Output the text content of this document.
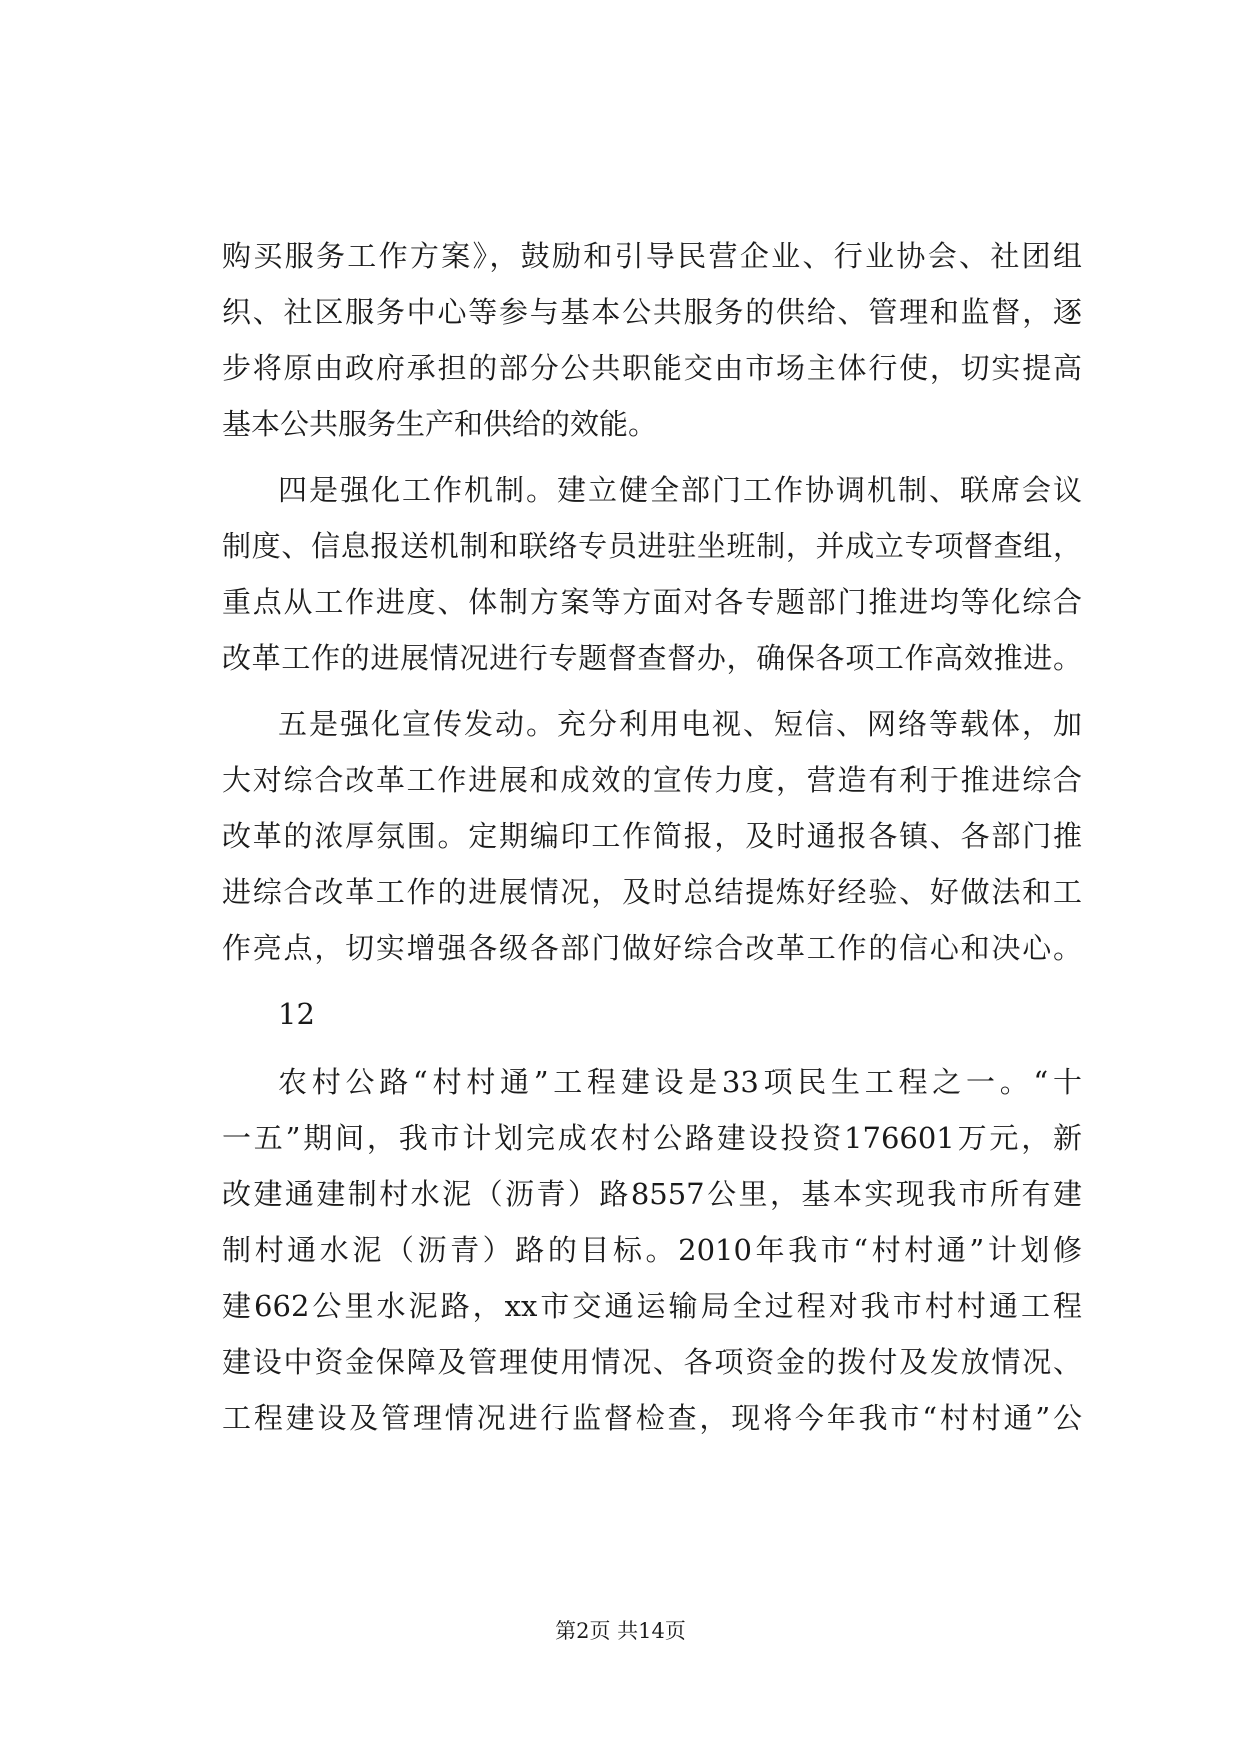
购买服务工作方案》，鼓励和引导民营企业、行业协会、社团组
织、社区服务中心等参与基本公共服务的供给、管理和监督，逐
步将原由政府承担的部分公共职能交由市场主体行使，切实提高
基本公共服务生产和供给的效能。
四是强化工作机制。建立健全部门工作协调机制、联席会议
制度、信息报送机制和联络专员进驻坐班制，并成立专项督查组，
重点从工作进度、体制方案等方面对各专题部门推进均等化综合
改革工作的进展情况进行专题督查督办，确保各项工作高效推进。
五是强化宣传发动。充分利用电视、短信、网络等载体，加
大对综合改革工作进展和成效的宣传力度，营造有利于推进综合
改革的浓厚氛围。定期编印工作简报，及时通报各镇、各部门推
进综合改革工作的进展情况，及时总结提炼好经验、好做法和工
作亮点，切实增强各级各部门做好综合改革工作的信心和决心。
12
农村公路“村村通”工程建设是33项民生工程之一。“十
一五”期间，我市计划完成农村公路建设投资176601万元，新
改建通建制村水泥（沥青）路8557公里，基本实现我市所有建
制村通水泥（沥青）路的目标。2010年我市“村村通”计划修
建662公里水泥路，xx市交通运输局全过程对我市村村通工程
建设中资金保障及管理使用情况、各项资金的拨付及发放情况、
工程建设及管理情况进行监督检查，现将今年我市“村村通”公
第2页 共14页
